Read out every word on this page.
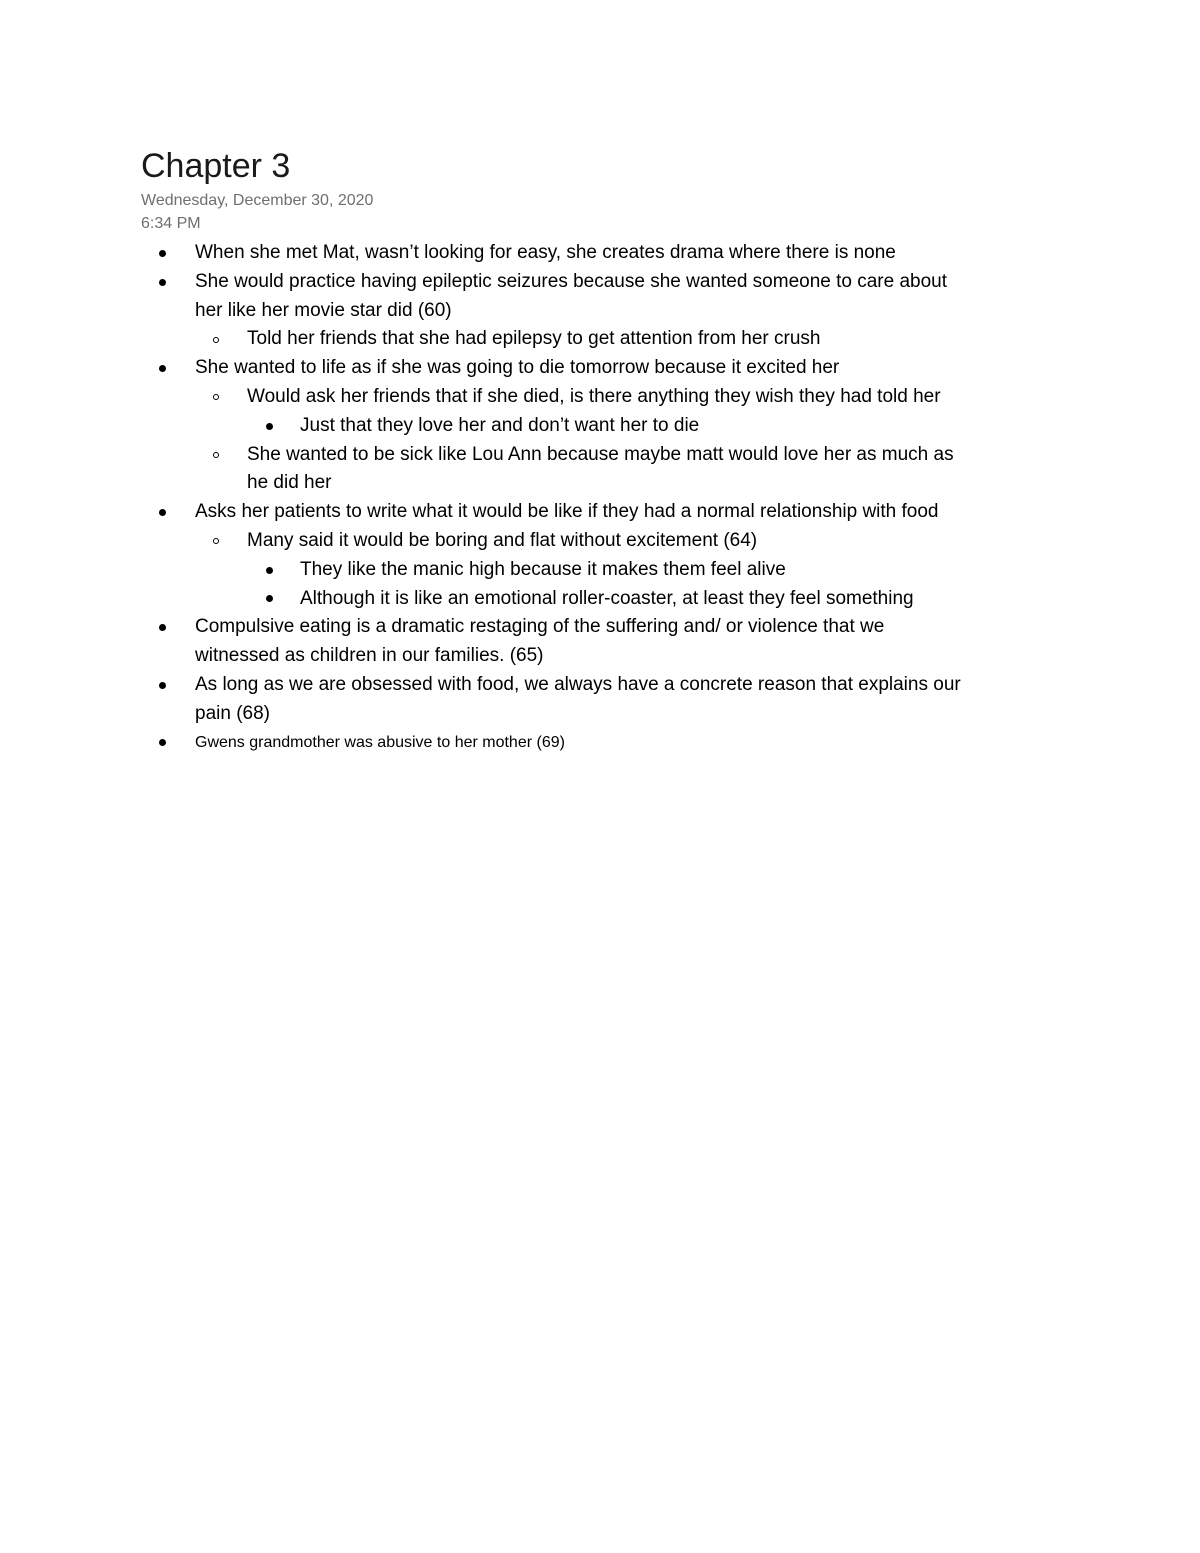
Chapter 3
Wednesday, December 30, 2020
6:34 PM
When she met Mat, wasn’t looking for easy, she creates drama where there is none
She would practice having epileptic seizures because she wanted someone to care about
her like her movie star did (60)
Told her friends that she had epilepsy to get attention from her crush
She wanted to life as if she was going to die tomorrow because it excited her
Would ask her friends that if she died, is there anything they wish they had told her
Just that they love her and don’t want her to die
She wanted to be sick like Lou Ann because maybe matt would love her as much as
he did her
Asks her patients to write what it would be like if they had a normal relationship with food
Many said it would be boring and flat without excitement (64)
They like the manic high because it makes them feel alive
Although it is like an emotional roller-coaster, at least they feel something
Compulsive eating is a dramatic restaging of the suffering and/ or violence that we
witnessed as children in our families. (65)
As long as we are obsessed with food, we always have a concrete reason that explains our
pain (68)
Gwens grandmother was abusive to her mother (69)
